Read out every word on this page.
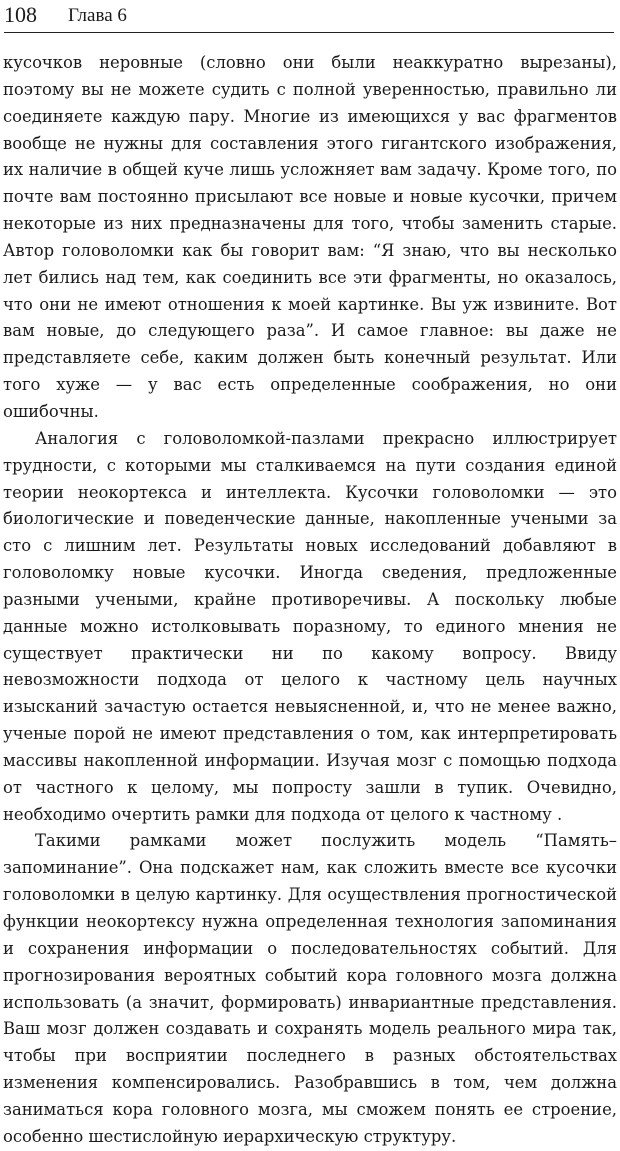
108 Глава 6

кусочков неровные (словно они были неаккуратно вырезаны), поэтому вы не можете судить с полной уверенностью, правильно ли соединяете каждую пару. Многие из имеющихся у вас фрагментов вообще не нужны для составления этого гигантского изображения, их наличие в общей куче лишь усложняет вам задачу. Кроме того, по почте вам постоянно присылают все новые и новые кусочки, причем некоторые из них предназначены для того, чтобы заменить старые. Автор головоломки как бы говорит вам: “Я знаю, что вы несколько лет бились над тем, как соединить все эти фрагменты, но оказалось, что они не имеют отношения к моей картинке. Вы уж извините. Вот вам новые, до следующего раза”. И самое главное: вы даже не представляете себе, каким должен быть конечный результат. Или того хуже — у вас есть определенные соображения, но они ошибочны.

Аналогия с головоломкой-пазлами прекрасно иллюстрирует трудности, с которыми мы сталкиваемся на пути создания единой теории неокортекса и интеллекта. Кусочки головоломки — это биологические и поведенческие данные, накопленные учеными за сто с лишним лет. Результаты новых исследований добавляют в головоломку новые кусочки. Иногда сведения, предложенные разными учеными, крайне противоречивы. А поскольку любые данные можно истолковывать поразному, то единого мнения не существует практически ни по какому вопросу. Ввиду невозможности подхода от целого к частному цель научных изысканий зачастую остается невыясненной, и, что не менее важно, ученые порой не имеют представления о том, как интерпретировать массивы накопленной информации. Изучая мозг с помощью подхода от частного к целому, мы попросту зашли в тупик. Очевидно, необходимо очертить рамки для подхода от целого к частному .

Такими рамками может послужить модель “Память–запоминание”. Она подскажет нам, как сложить вместе все кусочки головоломки в целую картинку. Для осуществления прогностической функции неокортексу нужна определенная технология запоминания и сохранения информации о последовательностях событий. Для прогнозирования вероятных событий кора головного мозга должна использовать (а значит, формировать) инвариантные представления. Ваш мозг должен создавать и сохранять модель реального мира так, чтобы при восприятии последнего в разных обстоятельствах изменения компенсировались. Разобравшись в том, чем должна заниматься кора головного мозга, мы сможем понять ее строение, особенно шестислойную иерархическую структуру.
